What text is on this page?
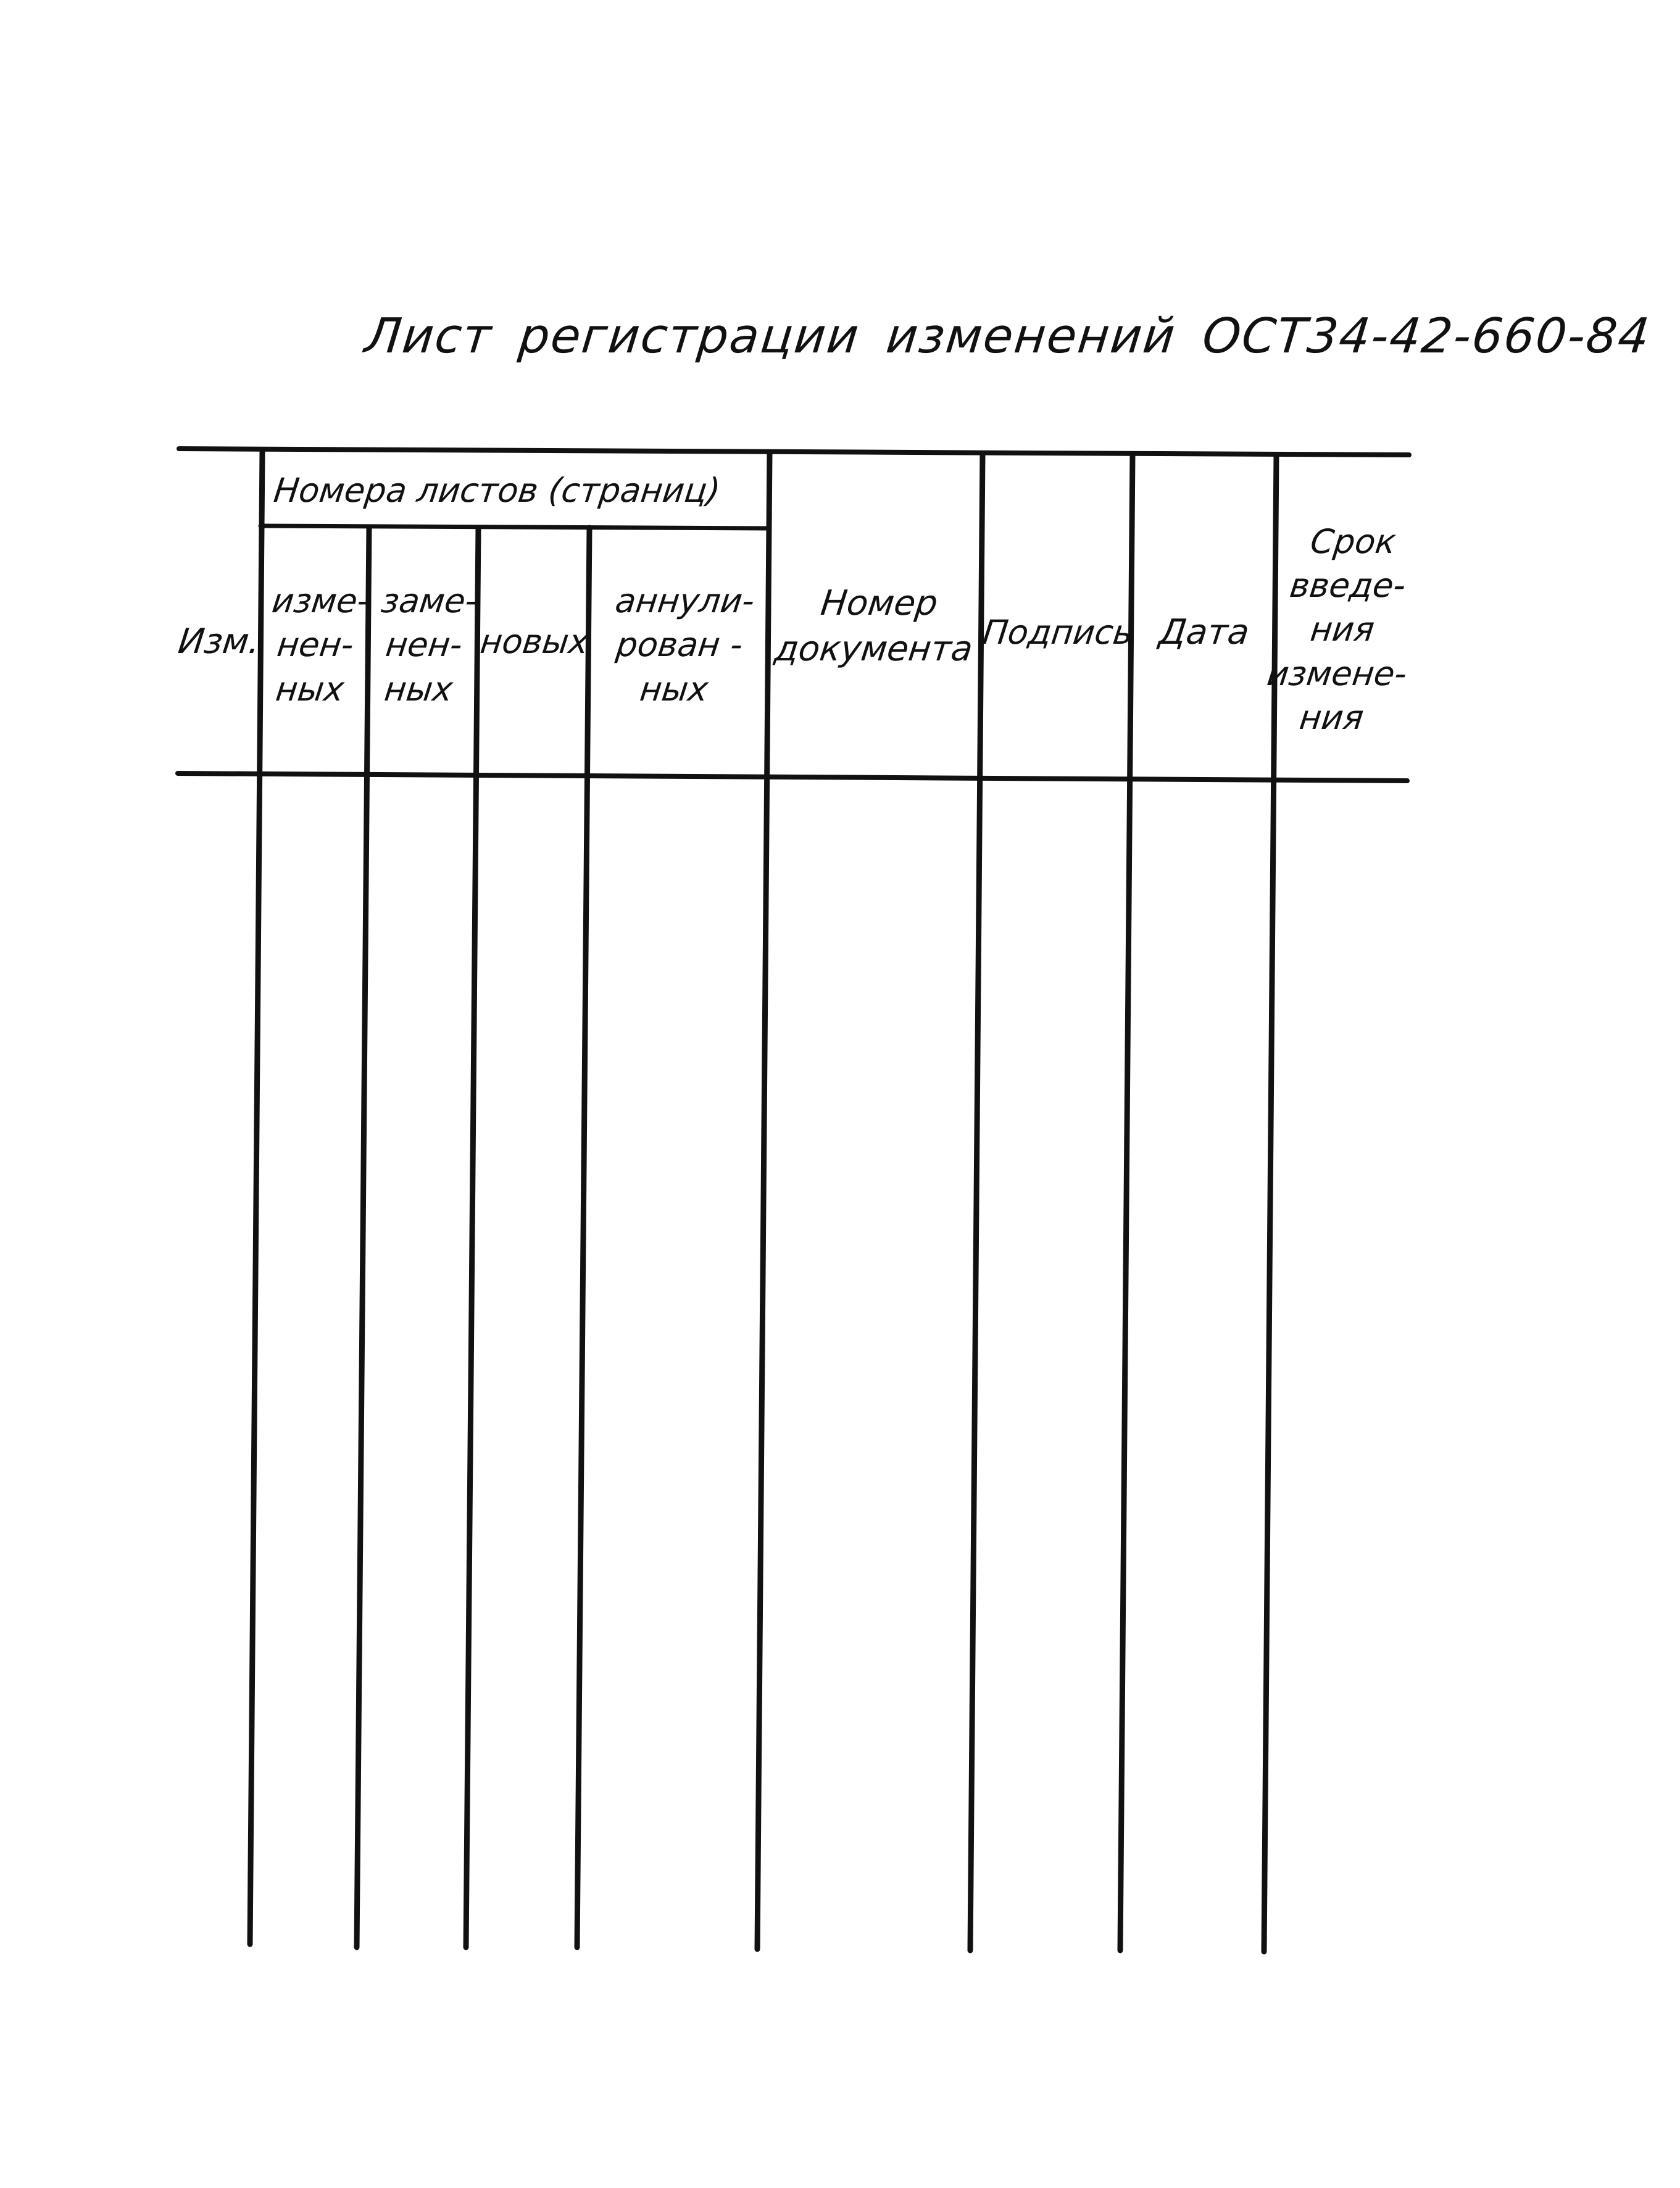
Лист регистрации изменений ОСТ34-42-660-84
Изм.
Номера листов (страниц)
изме-
нен-
ных
заме-
нен-
ных
новых
аннули-
рован -
ных
Номер
документа Подпись Дата
Срок
введе-
ния
измене-
ния
